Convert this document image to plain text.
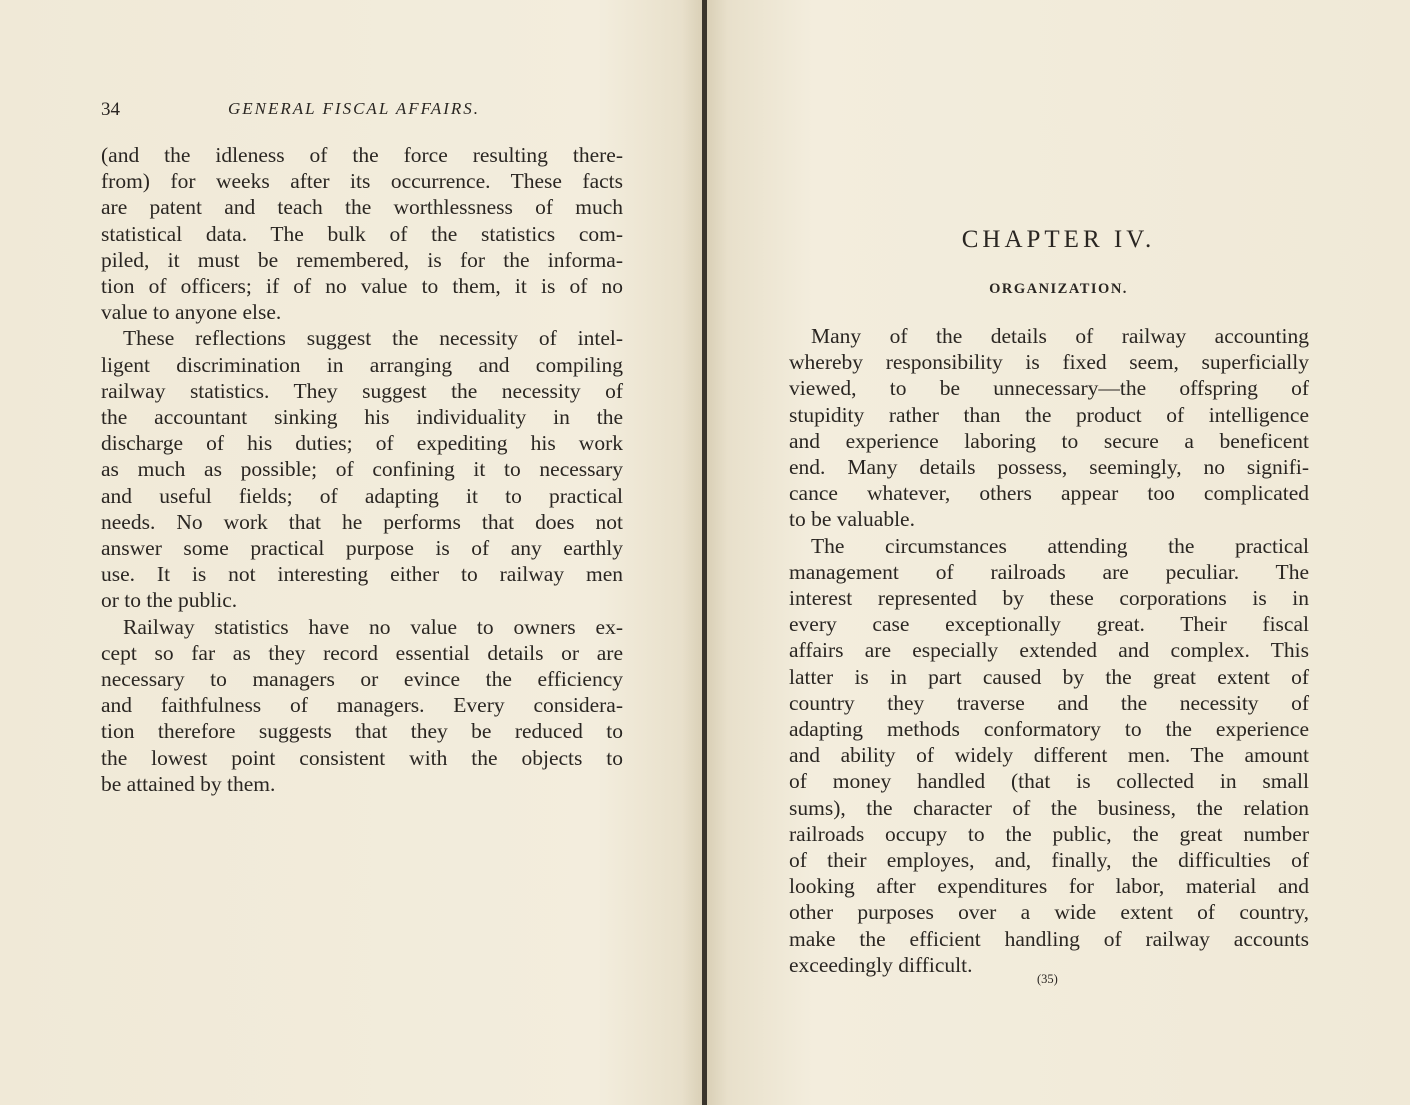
34	GENERAL FISCAL AFFAIRS.
(and the idleness of the force resulting there-
from) for weeks after its occurrence. These facts
are patent and teach the worthlessness of much
statistical data. The bulk of the statistics com-
piled, it must be remembered, is for the informa-
tion of officers; if of no value to them, it is of no
value to anyone else.
These reflections suggest the necessity of intel-
ligent discrimination in arranging and compiling
railway statistics. They suggest the necessity of
the accountant sinking his individuality in the
discharge of his duties; of expediting his work
as much as possible; of confining it to necessary
and useful fields; of adapting it to practical
needs. No work that he performs that does not
answer some practical purpose is of any earthly
use. It is not interesting either to railway men
or to the public.
Railway statistics have no value to owners ex-
cept so far as they record essential details or are
necessary to managers or evince the efficiency
and faithfulness of managers. Every considera-
tion therefore suggests that they be reduced to
the lowest point consistent with the objects to
be attained by them.
CHAPTER IV.
ORGANIZATION.
Many of the details of railway accounting
whereby responsibility is fixed seem, superficially
viewed, to be unnecessary—the offspring of
stupidity rather than the product of intelligence
and experience laboring to secure a beneficent
end. Many details possess, seemingly, no signifi-
cance whatever, others appear too complicated
to be valuable.
The circumstances attending the practical
management of railroads are peculiar. The
interest represented by these corporations is in
every case exceptionally great. Their fiscal
affairs are especially extended and complex. This
latter is in part caused by the great extent of
country they traverse and the necessity of
adapting methods conformatory to the experience
and ability of widely different men. The amount
of money handled (that is collected in small
sums), the character of the business, the relation
railroads occupy to the public, the great number
of their employes, and, finally, the difficulties of
looking after expenditures for labor, material and
other purposes over a wide extent of country,
make the efficient handling of railway accounts
exceedingly difficult.
(35)
